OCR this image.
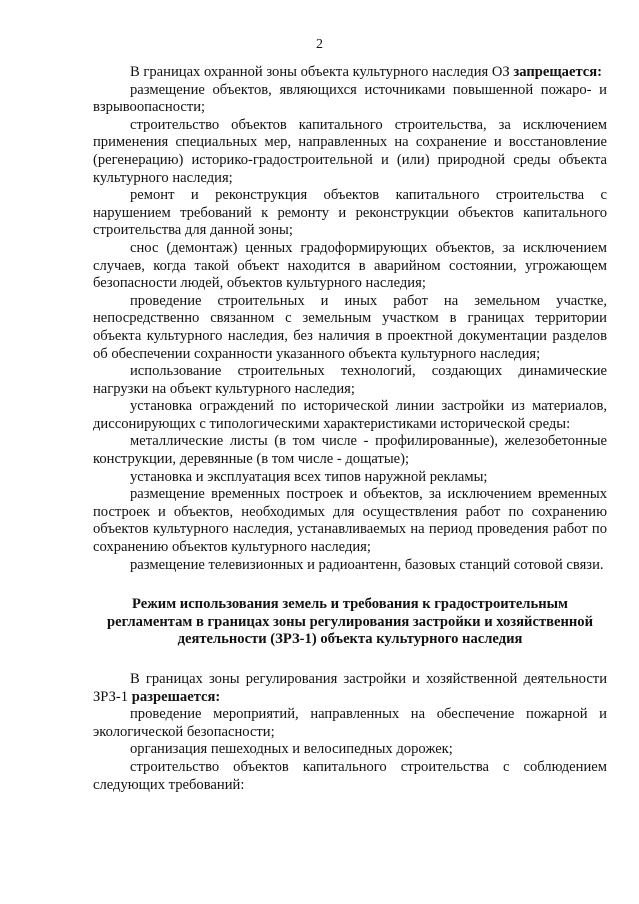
2

В границах охранной зоны объекта культурного наследия ОЗ запрещается:

размещение объектов, являющихся источниками повышенной пожаро- и взрывоопасности;

строительство объектов капитального строительства, за исключением применения специальных мер, направленных на сохранение и восстановление (регенерацию) историко-градостроительной и (или) природной среды объекта культурного наследия;

ремонт и реконструкция объектов капитального строительства с нарушением требований к ремонту и реконструкции объектов капитального строительства для данной зоны;

снос (демонтаж) ценных градоформирующих объектов, за исключением случаев, когда такой объект находится в аварийном состоянии, угрожающем безопасности людей, объектов культурного наследия;

проведение строительных и иных работ на земельном участке, непосредственно связанном с земельным участком в границах территории объекта культурного наследия, без наличия в проектной документации разделов об обеспечении сохранности указанного объекта культурного наследия;

использование строительных технологий, создающих динамические нагрузки на объект культурного наследия;

установка ограждений по исторической линии застройки из материалов, диссонирующих с типологическими характеристиками исторической среды:

металлические листы (в том числе - профилированные), железобетонные конструкции, деревянные (в том числе - дощатые);

установка и эксплуатация всех типов наружной рекламы;

размещение временных построек и объектов, за исключением временных построек и объектов, необходимых для осуществления работ по сохранению объектов культурного наследия, устанавливаемых на период проведения работ по сохранению объектов культурного наследия;

размещение телевизионных и радиоантенн, базовых станций сотовой связи.

Режим использования земель и требования к градостроительным
регламентам в границах зоны регулирования застройки и хозяйственной
деятельности (ЗРЗ-1) объекта культурного наследия

В границах зоны регулирования застройки и хозяйственной деятельности ЗРЗ-1 разрешается:

проведение мероприятий, направленных на обеспечение пожарной и экологической безопасности;

организация пешеходных и велосипедных дорожек;

строительство объектов капитального строительства с соблюдением следующих требований:
